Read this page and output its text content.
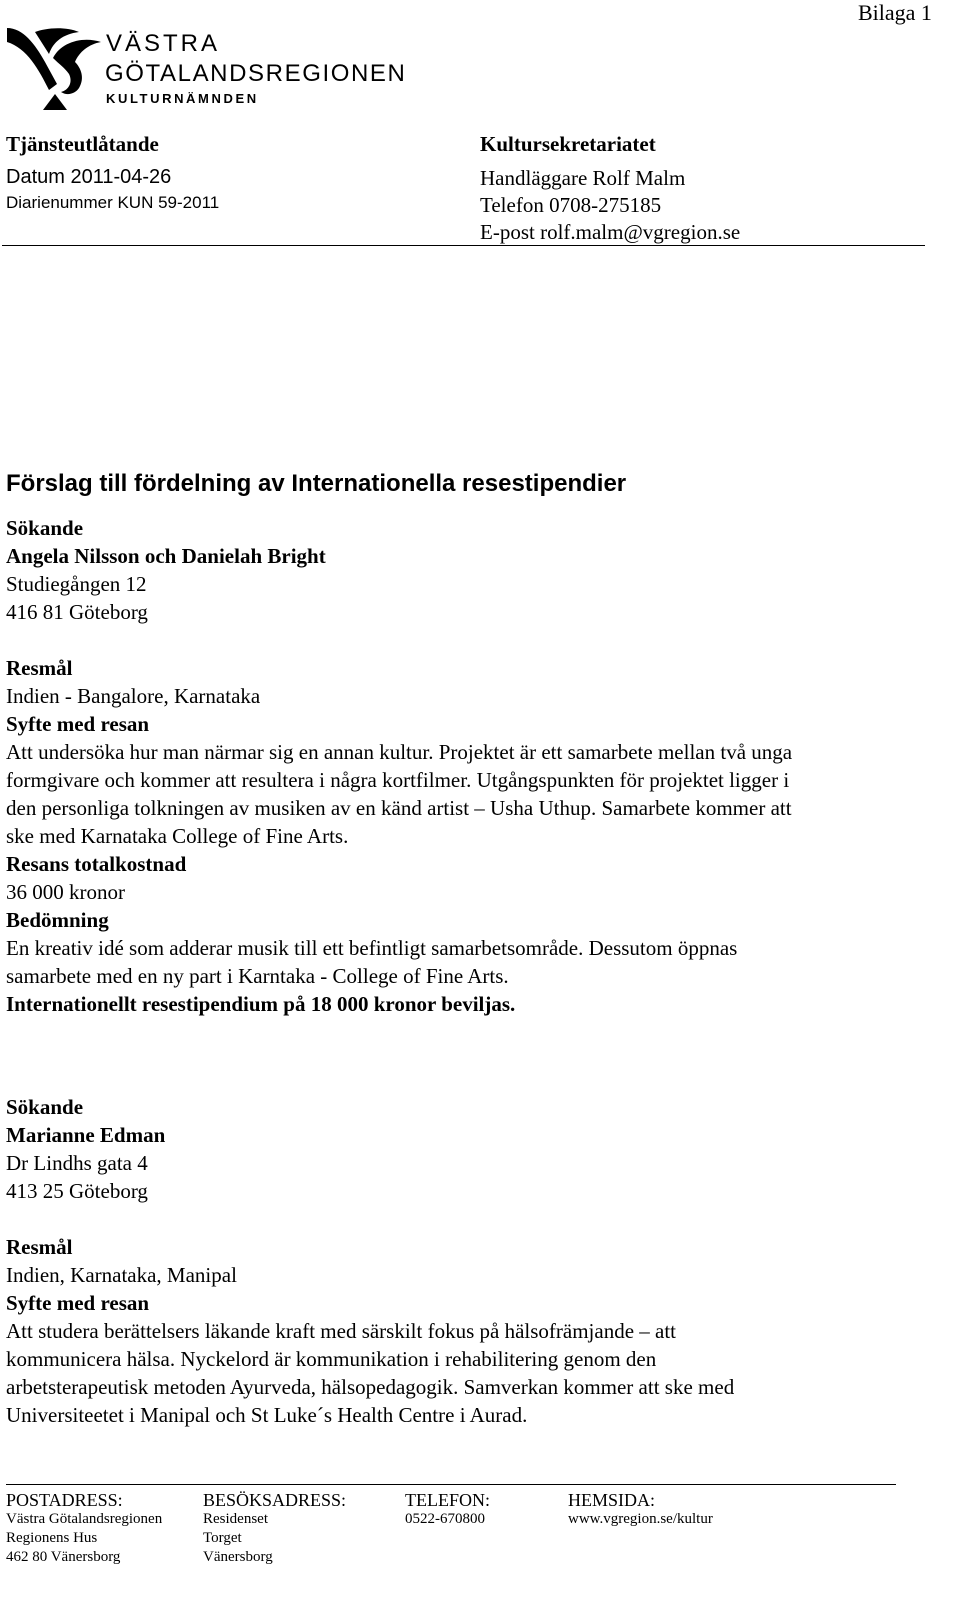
Bilaga 1
VÄSTRA
GÖTALANDSREGIONEN
KULTURNÄMNDEN
Tjänsteutlåtande
Datum 2011-04-26
Diarienummer KUN 59-2011
Kultursekretariatet
Handläggare Rolf Malm
Telefon 0708-275185
E-post rolf.malm@vgregion.se
Förslag till fördelning av Internationella resestipendier
Sökande
Angela Nilsson och Danielah Bright
Studiegången 12
416 81 Göteborg
Resmål
Indien - Bangalore, Karnataka
Syfte med resan
Att undersöka hur man närmar sig en annan kultur. Projektet är ett samarbete mellan två unga formgivare och kommer att resultera i några kortfilmer. Utgångspunkten för projektet ligger i den personliga tolkningen av musiken av en känd artist – Usha Uthup. Samarbete kommer att ske med Karnataka College of Fine Arts.
Resans totalkostnad
36 000 kronor
Bedömning
En kreativ idé som adderar musik till ett befintligt samarbetsområde. Dessutom öppnas samarbete med en ny part i Karntaka - College of Fine Arts.
Internationellt resestipendium på 18 000 kronor beviljas.
Sökande
Marianne Edman
Dr Lindhs gata 4
413 25 Göteborg
Resmål
Indien, Karnataka, Manipal
Syfte med resan
Att studera berättelsers läkande kraft med särskilt fokus på hälsofrämjande – att kommunicera hälsa. Nyckelord är kommunikation i rehabilitering genom den arbetsterapeutisk metoden Ayurveda, hälsopedagogik. Samverkan kommer att ske med Universiteetet i Manipal och St Luke´s Health Centre i Aurad.
POSTADRESS:
Västra Götalandsregionen
Regionens Hus
462 80 Vänersborg
BESÖKSADRESS:
Residenset
Torget
Vänersborg
TELEFON:
0522-670800
HEMSIDA:
www.vgregion.se/kultur
